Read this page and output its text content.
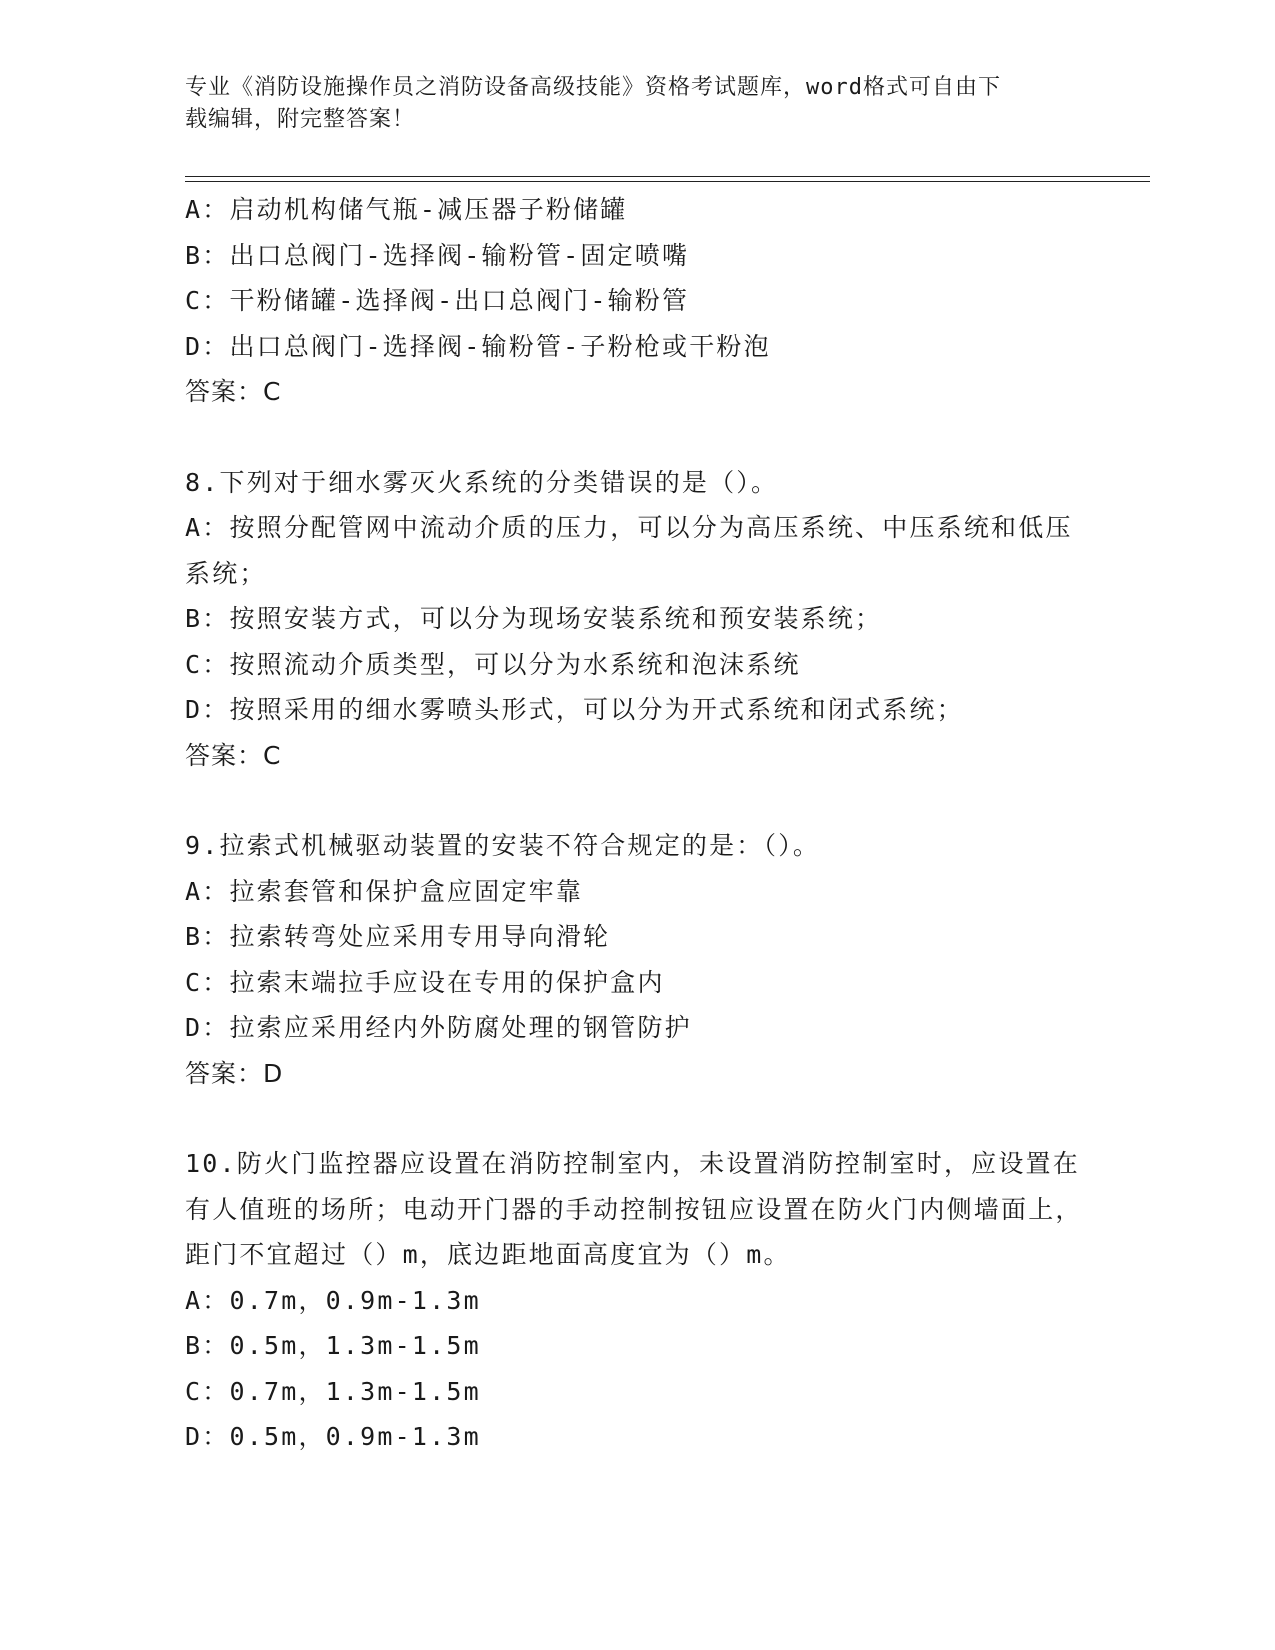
专业《消防设施操作员之消防设备高级技能》资格考试题库，word格式可自由下
载编辑，附完整答案！
A：启动机构储气瓶-减压器子粉储罐
B：出口总阀门-选择阀-输粉管-固定喷嘴
C：干粉储罐-选择阀-出口总阀门-输粉管
D：出口总阀门-选择阀-输粉管-子粉枪或干粉泡
答案：C
8.下列对于细水雾灭火系统的分类错误的是（）。
A：按照分配管网中流动介质的压力，可以分为高压系统、中压系统和低压系统；
B：按照安装方式，可以分为现场安装系统和预安装系统；
C：按照流动介质类型，可以分为水系统和泡沫系统
D：按照采用的细水雾喷头形式，可以分为开式系统和闭式系统；
答案：C
9.拉索式机械驱动装置的安装不符合规定的是：（）。
A：拉索套管和保护盒应固定牢靠
B：拉索转弯处应采用专用导向滑轮
C：拉索末端拉手应设在专用的保护盒内
D：拉索应采用经内外防腐处理的钢管防护
答案：D
10.防火门监控器应设置在消防控制室内，未设置消防控制室时，应设置在有人值班的场所；电动开门器的手动控制按钮应设置在防火门内侧墙面上，距门不宜超过（）m，底边距地面高度宜为（）m。
A：0.7m，0.9m-1.3m
B：0.5m，1.3m-1.5m
C：0.7m，1.3m-1.5m
D：0.5m，0.9m-1.3m
